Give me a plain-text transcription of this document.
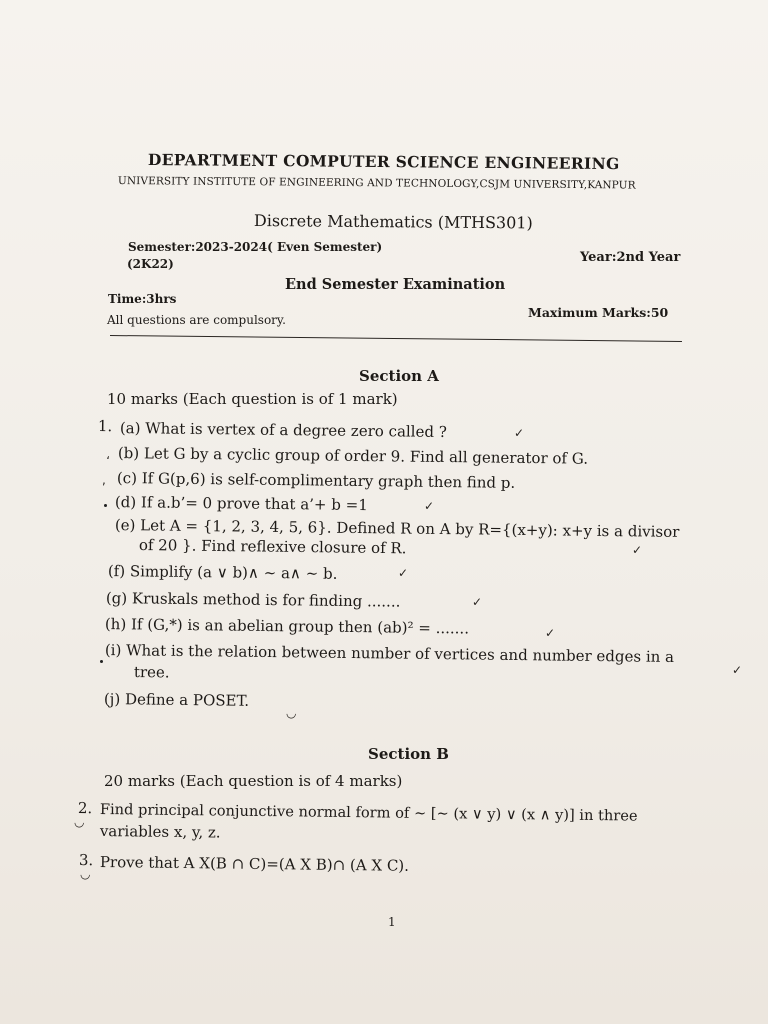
DEPARTMENT COMPUTER SCIENCE ENGINEERING
UNIVERSITY INSTITUTE OF ENGINEERING AND TECHNOLOGY,CSJM UNIVERSITY,KANPUR
Discrete Mathematics (MTHS301)
Semester:2023-2024( Even Semester)
(2K22)	Year:2nd Year
End Semester Examination
Time:3hrs
All questions are compulsory.	Maximum Marks:50
Section A
10 marks (Each question is of 1 mark)
1. (a) What is vertex of a degree zero called ?
(b) Let G by a cyclic group of order 9. Find all generator of G.
(c) If G(p,6) is self-complimentary graph then find p.
(d) If a.b’= 0 prove that a’+ b =1
(e) Let A = {1, 2, 3, 4, 5, 6}. Defined R on A by R={(x+y): x+y is a divisor
of 20 }. Find reflexive closure of R.
(f) Simplify (a ∨ b)∧ ∼ a∧ ∼ b.
(g) Kruskals method is for finding .......
(h) If (G,*) is an abelian group then (ab)² = .......
(i) What is the relation between number of vertices and number edges in a
tree.
(j) Define a POSET.
Section B
20 marks (Each question is of 4 marks)
2. Find principal conjunctive normal form of ∼ [∼ (x ∨ y) ∨ (x ∧ y)] in three
variables x, y, z.
3. Prove that A X(B ∩ C)=(A X B)∩ (A X C).
1
✓
،
,
✓
✓
✓
✓
✓
✓
◡
◡
◡
